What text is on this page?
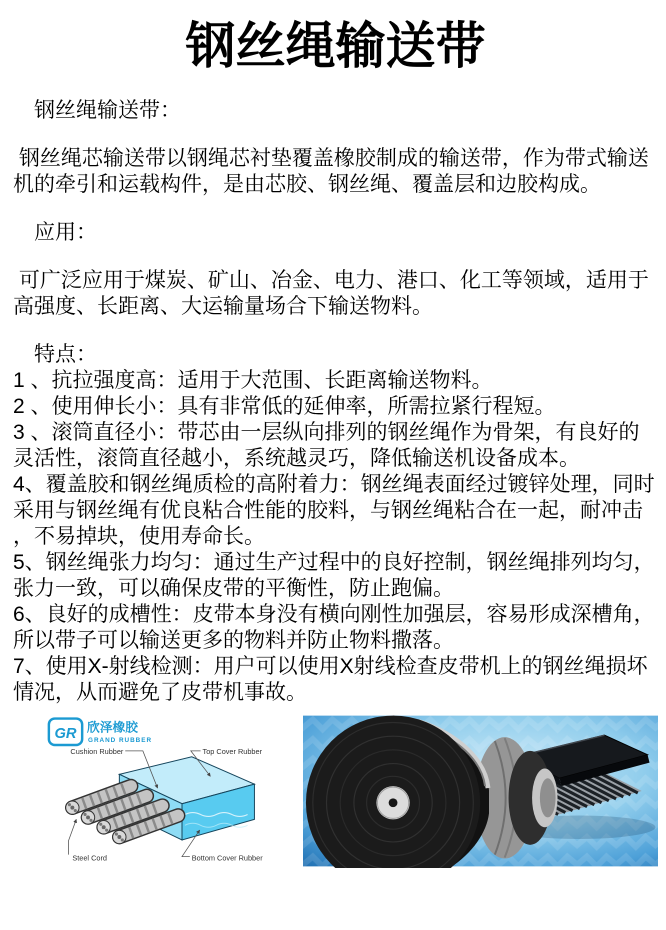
钢丝绳输送带

　钢丝绳输送带：

钢丝绳芯输送带以钢绳芯衬垫覆盖橡胶制成的输送带，作为带式输送机的牵引和运载构件，是由芯胶、钢丝绳、覆盖层和边胶构成。

　应用：

可广泛应用于煤炭、矿山、冶金、电力、港口、化工等领域，适用于高强度、长距离、大运输量场合下输送物料。

　特点：

1 、抗拉强度高：适用于大范围、长距离输送物料。
2 、使用伸长小：具有非常低的延伸率，所需拉紧行程短。
3 、滚筒直径小：带芯由一层纵向排列的钢丝绳作为骨架，有良好的灵活性，滚筒直径越小，系统越灵巧，降低输送机设备成本。
4、覆盖胶和钢丝绳质检的高附着力：钢丝绳表面经过镀锌处理，同时采用与钢丝绳有优良粘合性能的胶料，与钢丝绳粘合在一起，耐冲击，不易掉块，使用寿命长。
5、钢丝绳张力均匀：通过生产过程中的良好控制，钢丝绳排列均匀，张力一致，可以确保皮带的平衡性，防止跑偏。
6、良好的成槽性：皮带本身没有横向刚性加强层，容易形成深槽角，所以带子可以输送更多的物料并防止物料撒落。
7、使用X-射线检测：用户可以使用X射线检查皮带机上的钢丝绳损坏情况，从而避免了皮带机事故。
GR 欣泽橡胶
GRAND RUBBER
Cushion Rubber	Top Cover Rubber
Steel Cord	Bottom Cover Rubber
